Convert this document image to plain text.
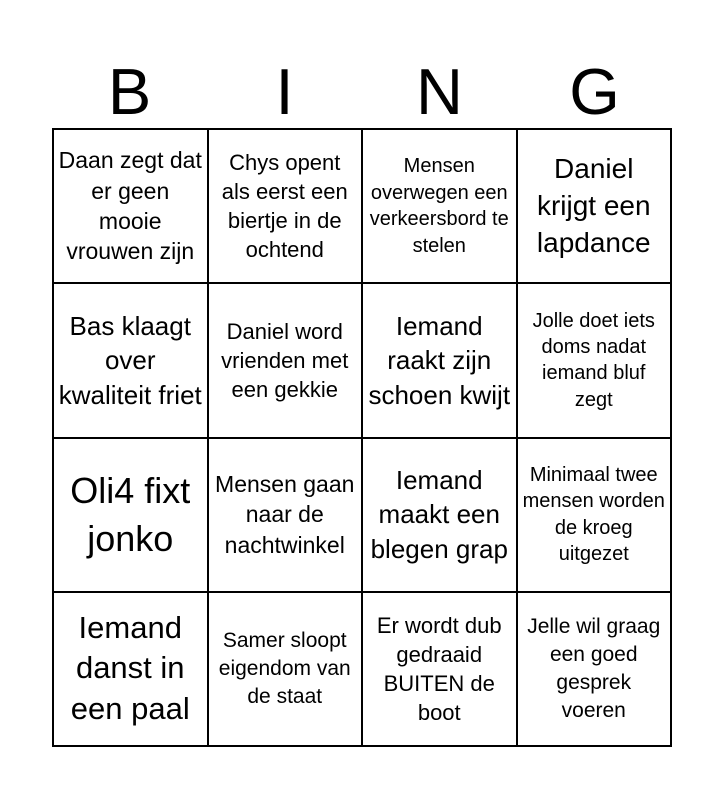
B	I	N	G
Daan zegt dat er geen mooie vrouwen zijn
Chys opent als eerst een biertje in de ochtend
Mensen overwegen een verkeersbord te stelen
Daniel krijgt een lapdance
Bas klaagt over kwaliteit friet
Daniel word vrienden met een gekkie
Iemand raakt zijn schoen kwijt
Jolle doet iets doms nadat iemand bluf zegt
Oli4 fixt jonko
Mensen gaan naar de nachtwinkel
Iemand maakt een blegen grap
Minimaal twee mensen worden de kroeg uitgezet
Iemand danst in een paal
Samer sloopt eigendom van de staat
Er wordt dub gedraaid BUITEN de boot
Jelle wil graag een goed gesprek voeren
